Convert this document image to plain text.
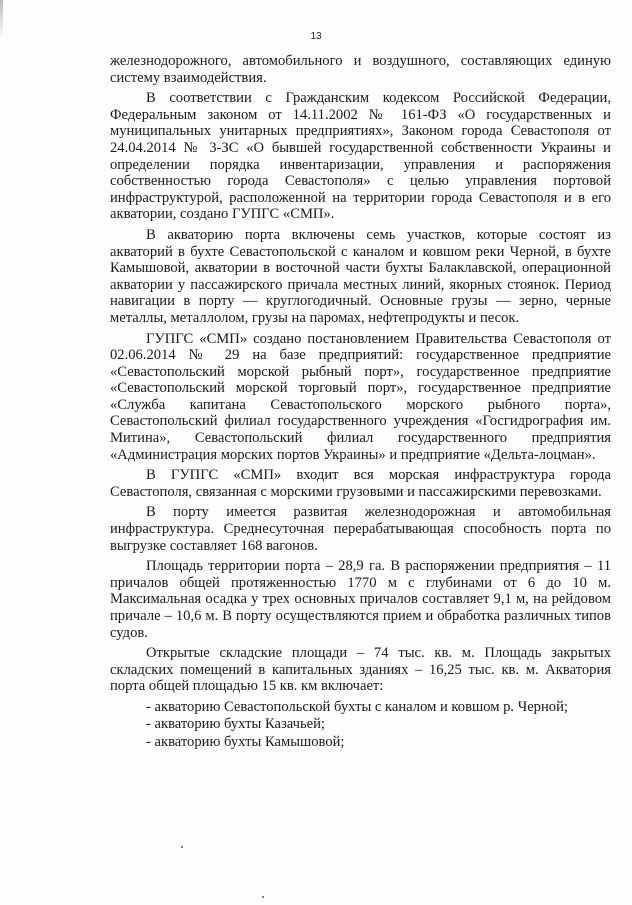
13

железнодорожного, автомобильного и воздушного, составляющих единую систему взаимодействия.

В соответствии с Гражданским кодексом Российской Федерации, Федеральным законом от 14.11.2002 № 161-ФЗ «О государственных и муниципальных унитарных предприятиях», Законом города Севастополя от 24.04.2014 № 3-ЗС «О бывшей государственной собственности Украины и определении порядка инвентаризации, управления и распоряжения собственностью города Севастополя» с целью управления портовой инфраструктурой, расположенной на территории города Севастополя и в его акватории, создано ГУПГС «СМП».

В акваторию порта включены семь участков, которые состоят из акваторий в бухте Севастопольской с каналом и ковшом реки Черной, в бухте Камышовой, акватории в восточной части бухты Балаклавской, операционной акватории у пассажирского причала местных линий, якорных стоянок. Период навигации в порту — круглогодичный. Основные грузы — зерно, черные металлы, металлолом, грузы на паромах, нефтепродукты и песок.

ГУПГС «СМП» создано постановлением Правительства Севастополя от 02.06.2014 № 29 на базе предприятий: государственное предприятие «Севастопольский морской рыбный порт», государственное предприятие «Севастопольский морской торговый порт», государственное предприятие «Служба капитана Севастопольского морского рыбного порта», Севастопольский филиал государственного учреждения «Госгидрография им. Митина», Севастопольский филиал государственного предприятия «Администрация морских портов Украины» и предприятие «Дельта-лоцман».

В ГУПГС «СМП» входит вся морская инфраструктура города Севастополя, связанная с морскими грузовыми и пассажирскими перевозками.

В порту имеется развитая железнодорожная и автомобильная инфраструктура. Среднесуточная перерабатывающая способность порта по выгрузке составляет 168 вагонов.

Площадь территории порта – 28,9 га. В распоряжении предприятия – 11 причалов общей протяженностью 1770 м с глубинами от 6 до 10 м. Максимальная осадка у трех основных причалов составляет 9,1 м, на рейдовом причале – 10,6 м. В порту осуществляются прием и обработка различных типов судов.

Открытые складские площади – 74 тыс. кв. м. Площадь закрытых складских помещений в капитальных зданиях – 16,25 тыс. кв. м. Акватория порта общей площадью 15 кв. км включает:

- акваторию Севастопольской бухты с каналом и ковшом р. Черной;
- акваторию бухты Казачьей;
- акваторию бухты Камышовой;
